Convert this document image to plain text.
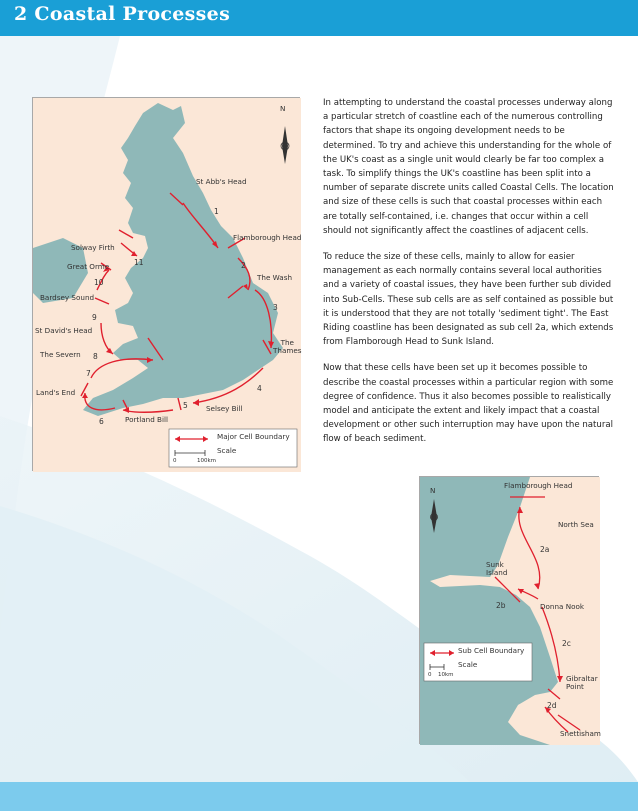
2 Coastal Processes
N
St Abb's Head
Flamborough Head
The Wash
The
Thames
Selsey Bill
Portland Bill
Land's End
The Severn
St David's Head
Bardsey Sound
Great Orme
Solway Firth
1
2
3
4
5
6
7
8
9
10
11
Major Cell Boundary
Scale
0	100km

In attempting to understand the coastal processes underway along a particular stretch of coastline each of the numerous controlling factors that shape its ongoing development needs to be determined. To try and achieve this understanding for the whole of the UK's coast as a single unit would clearly be far too complex a task. To simplify things the UK's coastline has been split into a number of separate discrete units called Coastal Cells. The location and size of these cells is such that coastal processes within each are totally self-contained, i.e. changes that occur within a cell should not significantly affect the coastlines of adjacent cells.

To reduce the size of these cells, mainly to allow for easier management as each normally contains several local authorities and a variety of coastal issues, they have been further sub divided into Sub-Cells. These sub cells are as self contained as possible but it is understood that they are not totally 'sediment tight'. The East Riding coastline has been designated as sub cell 2a, which extends from Flamborough Head to Sunk Island.

Now that these cells have been set up it becomes possible to describe the coastal processes within a particular region with some degree of confidence. Thus it also becomes possible to realistically model and anticipate the extent and likely impact that a coastal development or other such interruption may have upon the natural flow of beach sediment.

N
Flamborough Head
North Sea
Sunk
Island
Donna Nook
Gibraltar
Point
Snettisham
2a
2b
2c
2d
Sub Cell Boundary
Scale
0 10km
